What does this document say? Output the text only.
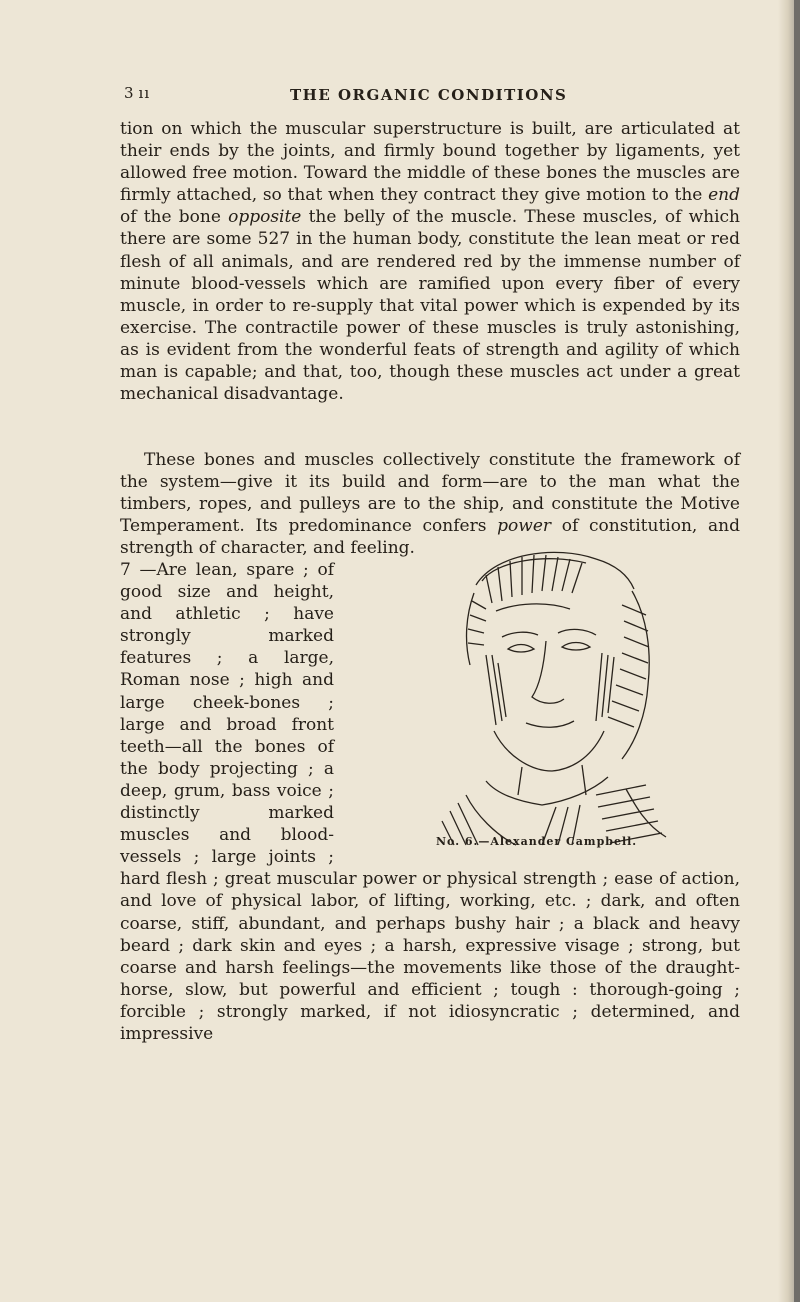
3 ıı	THE ORGANIC CONDITIONS

tion on which the muscular superstructure is built, are articulated at their ends by the joints, and firmly bound together by ligaments, yet allowed free motion. Toward the middle of these bones the muscles are firmly attached, so that when they contract they give motion to the end of the bone opposite the belly of the muscle. These muscles, of which there are some 527 in the human body, constitute the lean meat or red flesh of all animals, and are rendered red by the immense number of minute blood-vessels which are ramified upon every fiber of every muscle, in order to re-supply that vital power which is expended by its exercise. The contractile power of these muscles is truly astonishing, as is evident from the wonderful feats of strength and agility of which man is capable; and that, too, though these muscles act under a great mechanical disadvantage.

These bones and muscles collectively constitute the framework of the system—give it its build and form—are to the man what the timbers, ropes, and pulleys are to the ship, and constitute the Motive Temperament. Its predominance confers power of constitution, and strength of character, and feeling.

No. 6.—Alexander Campbell.

7 —Are lean, spare ; of good size and height, and athletic ; have strongly marked features ; a large, Roman nose ; high and large cheek-bones ; large and broad front teeth—all the bones of the body projecting ; a deep, grum, bass voice ; distinctly marked muscles and blood-vessels ; large joints ; hard flesh ; great muscular power or physical strength ; ease of action, and love of physical labor, of lifting, working, etc. ; dark, and often coarse, stiff, abundant, and perhaps bushy hair ; a black and heavy beard ; dark skin and eyes ; a harsh, expressive visage ; strong, but coarse and harsh feelings—the movements like those of the draught-horse, slow, but powerful and efficient ; tough : thorough-going ; forcible ; strongly marked, if not idiosyncratic ; determined, and impressive
